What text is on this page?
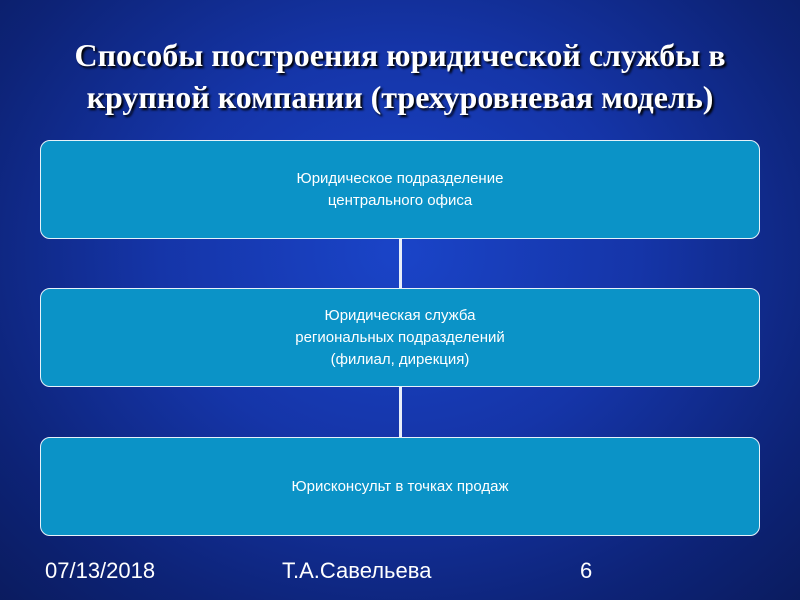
Способы построения юридической службы в
крупной компании (трехуровневая модель)
Юридическое подразделение
центрального офиса
Юридическая служба
региональных подразделений
(филиал, дирекция)
Юрисконсульт в точках продаж
07/13/2018	Т.А.Савельева	6
